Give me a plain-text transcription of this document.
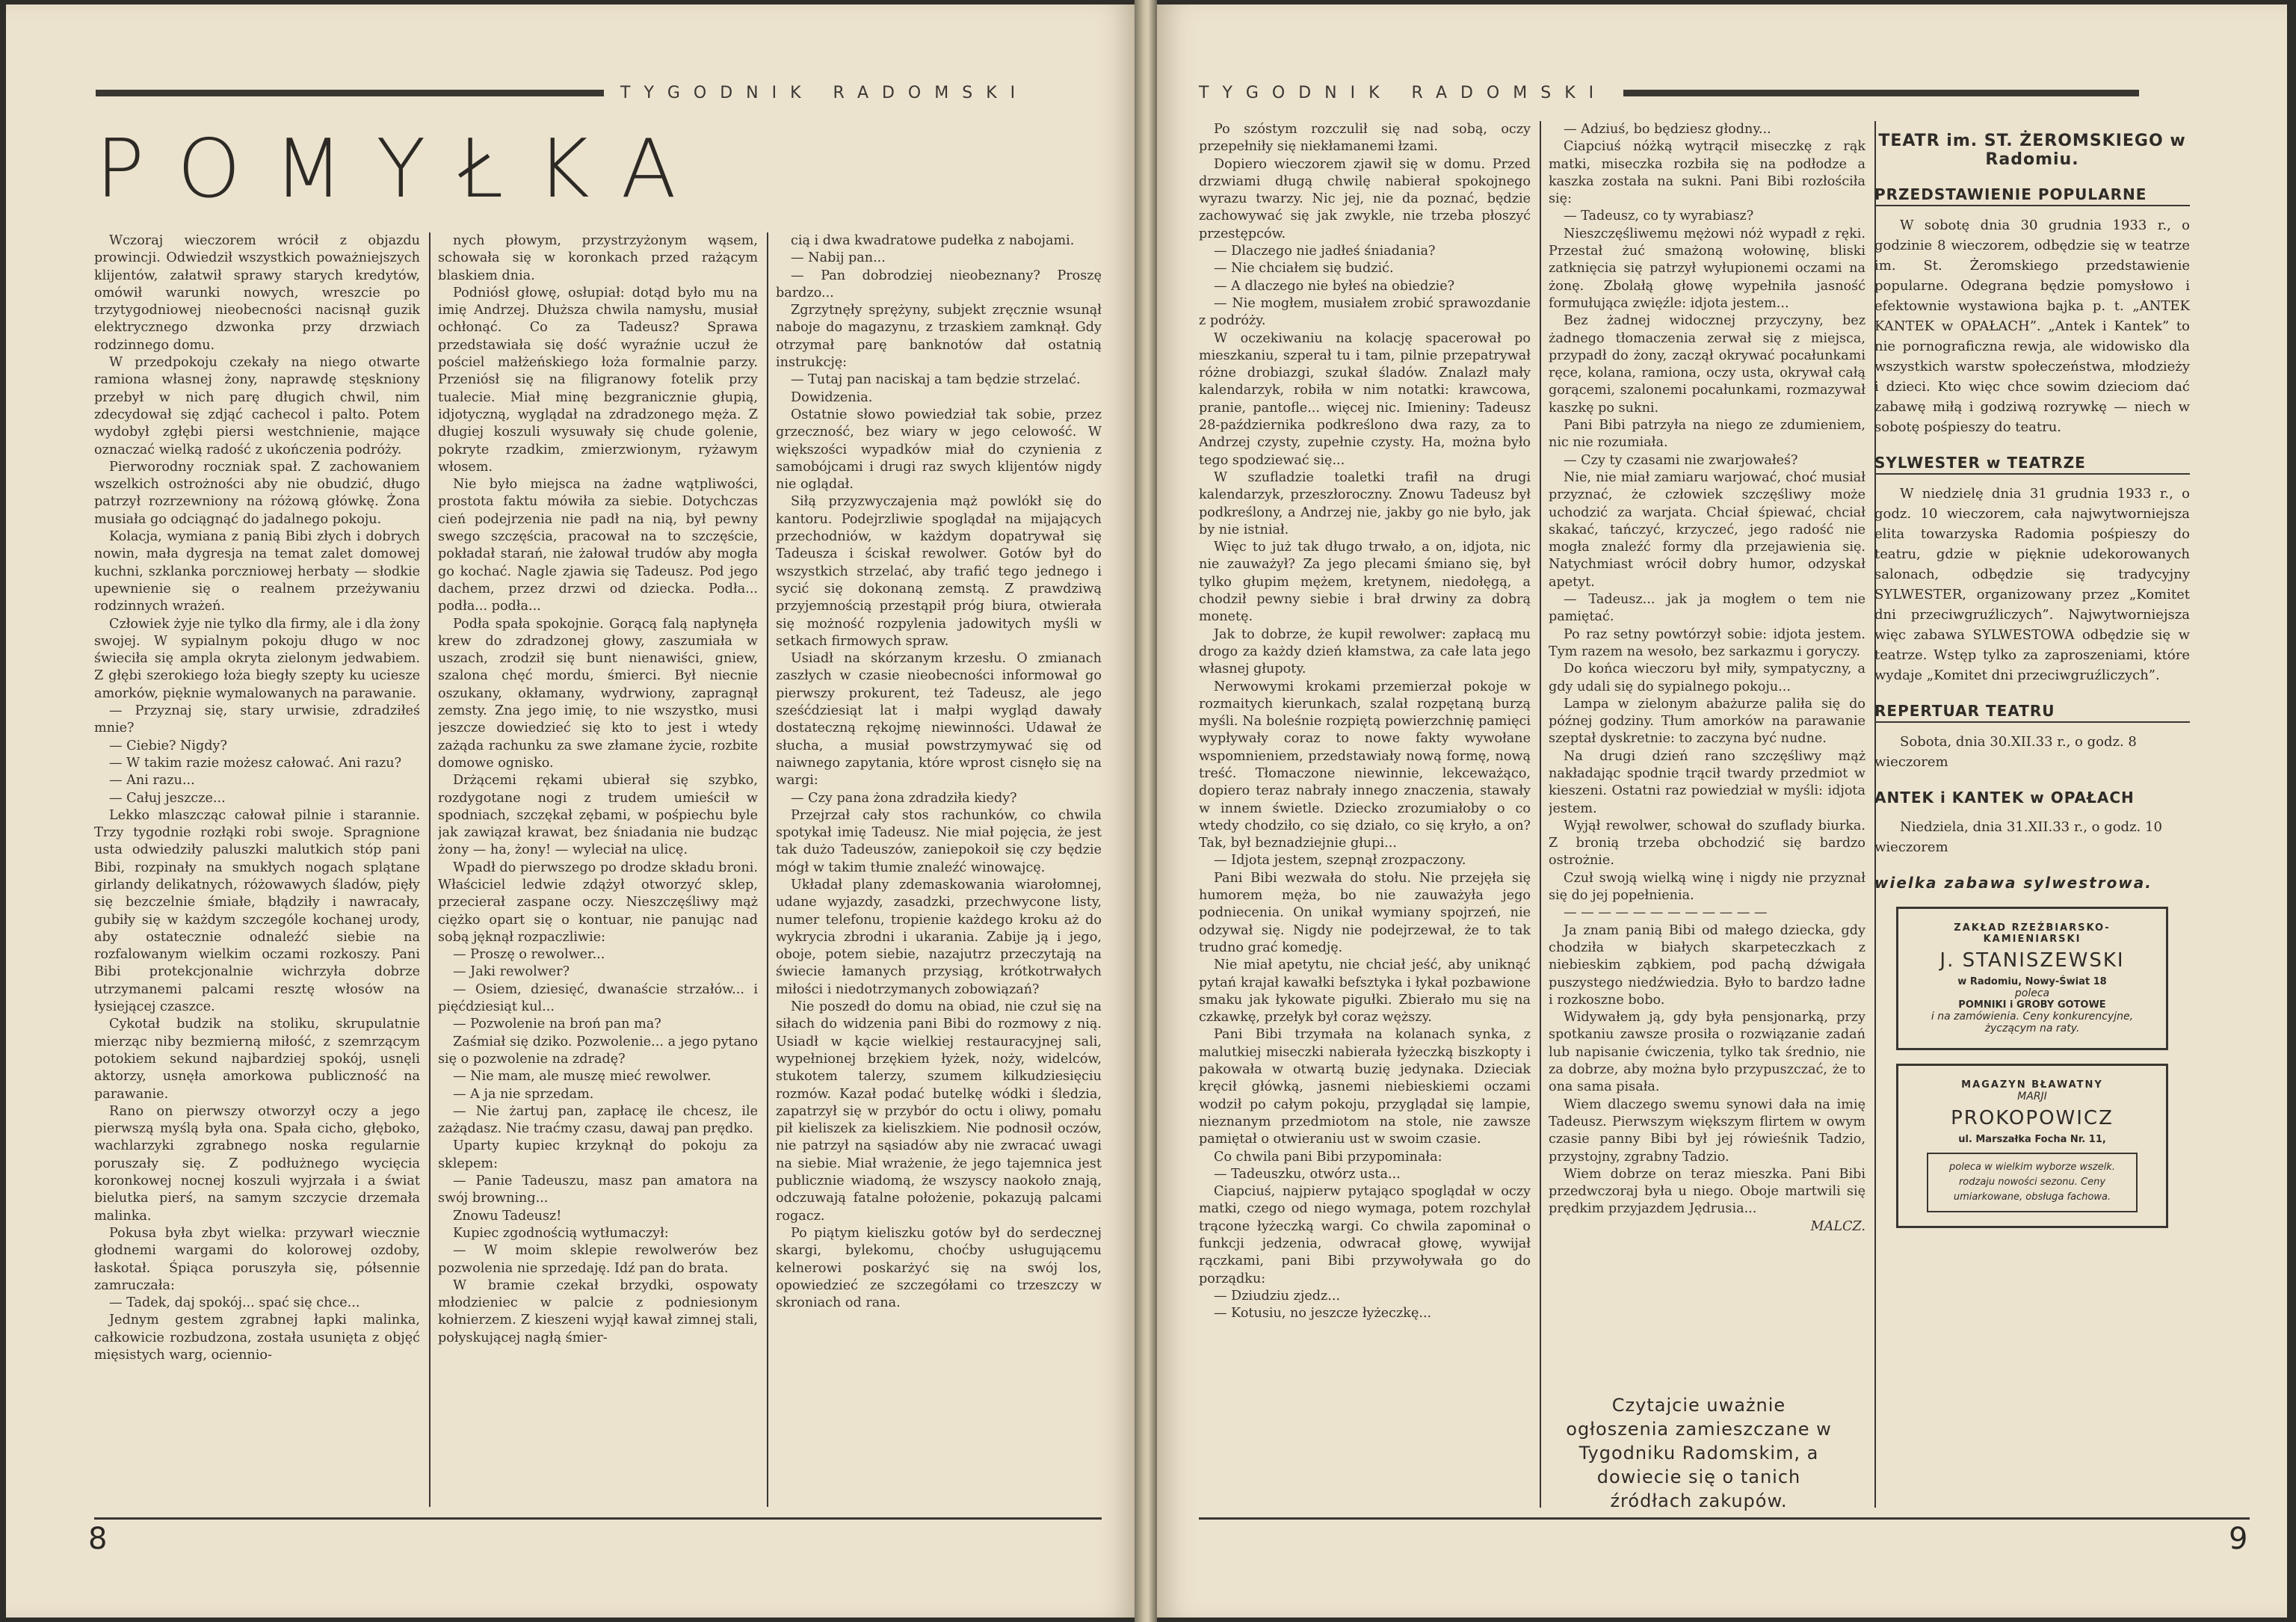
TYGODNIK RADOMSKI
POMYŁKA

Wczoraj wieczorem wrócił z objazdu prowincji. Odwiedził wszystkich poważniejszych klijentów, załatwił sprawy starych kredytów, omówił warunki nowych, wreszcie po trzytygodniowej nieobecności nacisnął guzik elektrycznego dzwonka przy drzwiach rodzinnego domu.

W przedpokoju czekały na niego otwarte ramiona własnej żony, naprawdę stęskniony przebył w nich parę długich chwil, nim zdecydował się zdjąć cachecol i palto. Potem wydobył zgłębi piersi westchnienie, mające oznaczać wielką radość z ukończenia podróży.

Pierworodny roczniak spał. Z zachowaniem wszelkich ostrożności aby nie obudzić, długo patrzył rozrzewniony na różową główkę. Żona musiała go odciągnąć do jadalnego pokoju.

Kolacja, wymiana z panią Bibi złych i dobrych nowin, mała dygresja na temat zalet domowej kuchni, szklanka porczniowej herbaty — słodkie upewnienie się o realnem przeżywaniu rodzinnych wrażeń.

Człowiek żyje nie tylko dla firmy, ale i dla żony swojej. W sypialnym pokoju długo w noc świeciła się ampla okryta zielonym jedwabiem. Z głębi szerokiego łoża biegły szepty ku uciesze amorków, pięknie wymalowanych na parawanie.

— Przyznaj się, stary urwisie, zdradziłeś mnie?

— Ciebie? Nigdy?

— W takim razie możesz całować. Ani razu?

— Ani razu...

— Całuj jeszcze...

Lekko mlaszcząc całował pilnie i starannie. Trzy tygodnie rozłąki robi swoje. Spragnione usta odwiedziły paluszki malutkich stóp pani Bibi, rozpinały na smukłych nogach splątane girlandy delikatnych, różowawych śladów, pięły się bezczelnie śmiałe, błądziły i nawracały, gubiły się w każdym szczególe kochanej urody, aby ostatecznie odnaleźć siebie na rozfalowanym wielkim oczami rozkoszy. Pani Bibi protekcjonalnie wichrzyła dobrze utrzymanemi palcami resztę włosów na łysiejącej czaszce.

Cykotał budzik na stoliku, skrupulatnie mierząc niby bezmierną miłość, z szemrzącym potokiem sekund najbardziej spokój, usnęli aktorzy, usnęła amorkowa publiczność na parawanie.

Rano on pierwszy otworzył oczy a jego pierwszą myślą była ona. Spała cicho, głęboko, wachlarzyki zgrabnego noska regularnie poruszały się. Z podłużnego wycięcia koronkowej nocnej koszuli wyjrzała i a świat bielutka pierś, na samym szczycie drzemała malinka.

Pokusa była zbyt wielka: przywarł wiecznie głodnemi wargami do kolorowej ozdoby, łaskotał. Śpiąca poruszyła się, półsennie zamruczała:

— Tadek, daj spokój... spać się chce...

Jednym gestem zgrabnej łapki malinka, całkowicie rozbudzona, została usunięta z objęć mięsistych warg, ociennio-

nych płowym, przystrzyżonym wąsem, schowała się w koronkach przed rażącym blaskiem dnia.

Podniósł głowę, osłupiał: dotąd było mu na imię Andrzej. Dłuższa chwila namysłu, musiał ochłonąć. Co za Tadeusz? Sprawa przedstawiała się dość wyraźnie uczuł że pościel małżeńskiego łoża formalnie parzy. Przeniósł się na filigranowy fotelik przy tualecie. Miał minę bezgranicznie głupią, idjotyczną, wyglądał na zdradzonego męża. Z długiej koszuli wysuwały się chude golenie, pokryte rzadkim, zmierzwionym, ryżawym włosem.

Nie było miejsca na żadne wątpliwości, prostota faktu mówiła za siebie. Dotychczas cień podejrzenia nie padł na nią, był pewny swego szczęścia, pracował na to szczęście, pokładał starań, nie żałował trudów aby mogła go kochać. Nagle zjawia się Tadeusz. Pod jego dachem, przez drzwi od dziecka. Podła... podła... podła...

Podła spała spokojnie. Gorącą falą napłynęła krew do zdradzonej głowy, zaszumiała w uszach, zrodził się bunt nienawiści, gniew, szalona chęć mordu, śmierci. Był niecnie oszukany, okłamany, wydrwiony, zapragnął zemsty. Zna jego imię, to nie wszystko, musi jeszcze dowiedzieć się kto to jest i wtedy zażąda rachunku za swe złamane życie, rozbite domowe ognisko.

Drżącemi rękami ubierał się szybko, rozdygotane nogi z trudem umieścił w spodniach, szczękał zębami, w pośpiechu byle jak zawiązał krawat, bez śniadania nie budząc żony — ha, żony! — wyleciał na ulicę.

Wpadł do pierwszego po drodze składu broni. Właściciel ledwie zdążył otworzyć sklep, przecierał zaspane oczy. Nieszczęśliwy mąż ciężko opart się o kontuar, nie panując nad sobą jęknął rozpaczliwie:

— Proszę o rewolwer...

— Jaki rewolwer?

— Osiem, dziesięć, dwanaście strzałów... i pięćdziesiąt kul...

— Pozwolenie na broń pan ma?

Zaśmiał się dziko. Pozwolenie... a jego pytano się o pozwolenie na zdradę?

— Nie mam, ale muszę mieć rewolwer.

— A ja nie sprzedam.

— Nie żartuj pan, zapłacę ile chcesz, ile zażądasz. Nie traćmy czasu, dawaj pan prędko.

Uparty kupiec krzyknął do pokoju za sklepem:

— Panie Tadeuszu, masz pan amatora na swój browning...

Znowu Tadeusz!

Kupiec zgodnością wytłumaczył:

— W moim sklepie rewolwerów bez pozwolenia nie sprzedaję. Idź pan do brata.

W bramie czekał brzydki, ospowaty młodzieniec w palcie z podniesionym kołnierzem. Z kieszeni wyjął kawał zimnej stali, połyskującej nagłą śmier-

cią i dwa kwadratowe pudełka z nabojami.

— Nabij pan...

— Pan dobrodziej nieobeznany? Proszę bardzo...

Zgrzytnęły sprężyny, subjekt zręcznie wsunął naboje do magazynu, z trzaskiem zamknął. Gdy otrzymał parę banknotów dał ostatnią instrukcję:

— Tutaj pan naciskaj a tam będzie strzelać.

Dowidzenia.

Ostatnie słowo powiedział tak sobie, przez grzeczność, bez wiary w jego celowość. W większości wypadków miał do czynienia z samobójcami i drugi raz swych klijentów nigdy nie oglądał.

Siłą przyzwyczajenia mąż powlókł się do kantoru. Podejrzliwie spoglądał na mijających przechodniów, w każdym dopatrywał się Tadeusza i ściskał rewolwer. Gotów był do wszystkich strzelać, aby trafić tego jednego i sycić się dokonaną zemstą. Z prawdziwą przyjemnością przestąpił próg biura, otwierała się możność rozpylenia jadowitych myśli w setkach firmowych spraw.

Usiadł na skórzanym krzesłu. O zmianach zaszłych w czasie nieobecności informował go pierwszy prokurent, też Tadeusz, ale jego sześćdziesiąt lat i małpi wygląd dawały dostateczną rękojmę niewinności. Udawał że słucha, a musiał powstrzymywać się od naiwnego zapytania, które wprost cisnęło się na wargi:

— Czy pana żona zdradziła kiedy?

Przejrzał cały stos rachunków, co chwila spotykał imię Tadeusz. Nie miał pojęcia, że jest tak dużo Tadeuszów, zaniepokoił się czy będzie mógł w takim tłumie znaleźć winowajcę.

Układał plany zdemaskowania wiarołomnej, udane wyjazdy, zasadzki, przechwycone listy, numer telefonu, tropienie każdego kroku aż do wykrycia zbrodni i ukarania. Zabije ją i jego, oboje, potem siebie, nazajutrz przeczytają na świecie łamanych przysiąg, krótkotrwałych miłości i niedotrzymanych zobowiązań?

Nie poszedł do domu na obiad, nie czuł się na siłach do widzenia pani Bibi do rozmowy z nią. Usiadł w kącie wielkiej restauracyjnej sali, wypełnionej brzękiem łyżek, noży, widelców, stukotem talerzy, szumem kilkudziesięciu rozmów. Kazał podać butelkę wódki i śledzia, zapatrzył się w przybór do octu i oliwy, pomału pił kieliszek za kieliszkiem. Nie podnosił oczów, nie patrzył na sąsiadów aby nie zwracać uwagi na siebie. Miał wrażenie, że jego tajemnica jest publicznie wiadomą, że wszyscy naokoło znają, odczuwają fatalne położenie, pokazują palcami rogacz.

Po piątym kieliszku gotów był do serdecznej skargi, bylekomu, choćby usługującemu kelnerowi poskarżyć się na swój los, opowiedzieć ze szczegółami co trzeszczy w skroniach od rana.

8
TYGODNIK RADOMSKI

Po szóstym rozczulił się nad sobą, oczy przepełniły się niekłamanemi łzami.

Dopiero wieczorem zjawił się w domu. Przed drzwiami długą chwilę nabierał spokojnego wyrazu twarzy. Nic jej, nie da poznać, będzie zachowywać się jak zwykle, nie trzeba płoszyć przestępców.

— Dlaczego nie jadłeś śniadania?

— Nie chciałem się budzić.

— A dlaczego nie byłeś na obiedzie?

— Nie mogłem, musiałem zrobić sprawozdanie z podróży.

W oczekiwaniu na kolację spacerował po mieszkaniu, szperał tu i tam, pilnie przepatrywał różne drobiazgi, szukał śladów. Znalazł mały kalendarzyk, robiła w nim notatki: krawcowa, pranie, pantofle... więcej nic. Imieniny: Tadeusz 28-października podkreślono dwa razy, za to Andrzej czysty, zupełnie czysty. Ha, można było tego spodziewać się...

W szufladzie toaletki trafił na drugi kalendarzyk, przeszłoroczny. Znowu Tadeusz był podkreślony, a Andrzej nie, jakby go nie było, jak by nie istniał.

Więc to już tak długo trwało, a on, idjota, nic nie zauważył? Za jego plecami śmiano się, był tylko głupim mężem, kretynem, niedołęgą, a chodził pewny siebie i brał drwiny za dobrą monetę.

Jak to dobrze, że kupił rewolwer: zapłacą mu drogo za każdy dzień kłamstwa, za całe lata jego własnej głupoty.

Nerwowymi krokami przemierzał pokoje w rozmaitych kierunkach, szalał rozpętaną burzą myśli. Na boleśnie rozpiętą powierzchnię pamięci wypływały coraz to nowe fakty wywołane wspomnieniem, przedstawiały nową formę, nową treść. Tłomaczone niewinnie, lekceważąco, dopiero teraz nabrały innego znaczenia, stawały w innem świetle. Dziecko zrozumiałoby o co wtedy chodziło, co się działo, co się kryło, a on? Tak, był beznadziejnie głupi...

— Idjota jestem, szepnął zrozpaczony.

Pani Bibi wezwała do stołu. Nie przejęła się humorem męża, bo nie zauważyła jego podniecenia. On unikał wymiany spojrzeń, nie odzywał się. Nigdy nie podejrzewał, że to tak trudno grać komedję.

Nie miał apetytu, nie chciał jeść, aby uniknąć pytań krajał kawałki befsztyka i łykał pozbawione smaku jak łykowate pigułki. Zbierało mu się na czkawkę, przełyk był coraz węższy.

Pani Bibi trzymała na kolanach synka, z malutkiej miseczki nabierała łyżeczką biszkopty i pakowała w otwartą buzię jedynaka. Dzieciak kręcił główką, jasnemi niebieskiemi oczami wodził po całym pokoju, przyglądał się lampie, nieznanym przedmiotom na stole, nie zawsze pamiętał o otwieraniu ust w swoim czasie.

Co chwila pani Bibi przypominała:

— Tadeuszku, otwórz usta...

Ciapciuś, najpierw pytająco spoglądał w oczy matki, czego od niego wymaga, potem rozchylał trącone łyżeczką wargi. Co chwila zapominał o funkcji jedzenia, odwracał głowę, wywijał rączkami, pani Bibi przywoływała go do porządku:

— Dziudziu zjedz...

— Kotusiu, no jeszcze łyżeczkę...

— Adziuś, bo będziesz głodny...

Ciapciuś nóżką wytrącił miseczkę z rąk matki, miseczka rozbiła się na podłodze a kaszka została na sukni. Pani Bibi rozłościła się:

— Tadeusz, co ty wyrabiasz?

Nieszczęśliwemu mężowi nóż wypadł z ręki. Przestał żuć smażoną wołowinę, bliski zatknięcia się patrzył wyłupionemi oczami na żonę. Zbolałą głowę wypełniła jasność formułująca zwięźle: idjota jestem...

Bez żadnej widocznej przyczyny, bez żadnego tłomaczenia zerwał się z miejsca, przypadł do żony, zaczął okrywać pocałunkami ręce, kolana, ramiona, oczy usta, okrywał całą gorącemi, szalonemi pocałunkami, rozmazywał kaszkę po sukni.

Pani Bibi patrzyła na niego ze zdumieniem, nic nie rozumiała.

— Czy ty czasami nie zwarjowałeś?

Nie, nie miał zamiaru warjować, choć musiał przyznać, że człowiek szczęśliwy może uchodzić za warjata. Chciał śpiewać, chciał skakać, tańczyć, krzyczeć, jego radość nie mogła znaleźć formy dla przejawienia się. Natychmiast wrócił dobry humor, odzyskał apetyt.

— Tadeusz... jak ja mogłem o tem nie pamiętać.

Po raz setny powtórzył sobie: idjota jestem. Tym razem na wesoło, bez sarkazmu i goryczy.

Do końca wieczoru był miły, sympatyczny, a gdy udali się do sypialnego pokoju...

Lampa w zielonym abażurze paliła się do późnej godziny. Tłum amorków na parawanie szeptał dyskretnie: to zaczyna być nudne.

Na drugi dzień rano szczęśliwy mąż nakładając spodnie trącił twardy przedmiot w kieszeni. Ostatni raz powiedział w myśli: idjota jestem.

Wyjął rewolwer, schował do szuflady biurka. Z bronią trzeba obchodzić się bardzo ostrożnie.

Czuł swoją wielką winę i nigdy nie przyznał się do jej popełnienia.

— — — — — — — — — — — —

Ja znam panią Bibi od małego dziecka, gdy chodziła w białych skarpeteczkach z niebieskim ząbkiem, pod pachą dźwigała puszystego niedźwiedzia. Było to bardzo ładne i rozkoszne bobo.

Widywałem ją, gdy była pensjonarką, przy spotkaniu zawsze prosiła o rozwiązanie zadań lub napisanie ćwiczenia, tylko tak średnio, nie za dobrze, aby można było przypuszczać, że to ona sama pisała.

Wiem dlaczego swemu synowi dała na imię Tadeusz. Pierwszym większym flirtem w owym czasie panny Bibi był jej rówieśnik Tadzio, przystojny, zgrabny Tadzio.

Wiem dobrze on teraz mieszka. Pani Bibi przedwczoraj była u niego. Oboje martwili się prędkim przyjazdem Jędrusia...

MALCZ.

9
Czytajcie uważnie ogłoszenia zamieszczane w Tygodniku Radomskim, a dowiecie się o tanich źródłach zakupów.
TEATR im. ST. ŻEROMSKIEGO w Radomiu.
PRZEDSTAWIENIE POPULARNE
W sobotę dnia 30 grudnia 1933 r., o godzinie 8 wieczorem, odbędzie się w teatrze im. St. Żeromskiego przedstawienie popularne. Odegrana będzie pomysłowo i efektownie wystawiona bajka p. t. „ANTEK KANTEK w OPAŁACH”. „Antek i Kantek” to nie pornograficzna rewja, ale widowisko dla wszystkich warstw społeczeństwa, młodzieży i dzieci. Kto więc chce sowim dzieciom dać zabawę miłą i godziwą rozrywkę — niech w sobotę pośpieszy do teatru.
SYLWESTER w TEATRZE
W niedzielę dnia 31 grudnia 1933 r., o godz. 10 wieczorem, cała najwytworniejsza elita towarzyska Radomia pośpieszy do teatru, gdzie w pięknie udekorowanych salonach, odbędzie się tradycyjny SYLWESTER, organizowany przez „Komitet dni przeciwgruźliczych”. Najwytworniejsza więc zabawa SYLWESTOWA odbędzie się w teatrze. Wstęp tylko za zaproszeniami, które wydaje „Komitet dni przeciwgruźliczych”.
REPERTUAR TEATRU
Sobota, dnia 30.XII.33 r., o godz. 8 wieczorem
ANTEK i KANTEK w OPAŁACH
Niedziela, dnia 31.XII.33 r., o godz. 10 wieczorem
wielka zabawa sylwestrowa.
ZAKŁAD RZEŹBIARSKO-KAMIENIARSKI
J. STANISZEWSKI
w Radomiu, Nowy-Świat 18
poleca
POMNIKI i GROBY GOTOWE
i na zamówienia. Ceny konkurencyjne, życzącym na raty.
MAGAZYN BŁAWATNY
MARJI
PROKOPOWICZ
ul. Marszałka Focha Nr. 11,
poleca w wielkim wyborze wszelk. rodzaju nowości sezonu. Ceny umiarkowane, obsługa fachowa.
